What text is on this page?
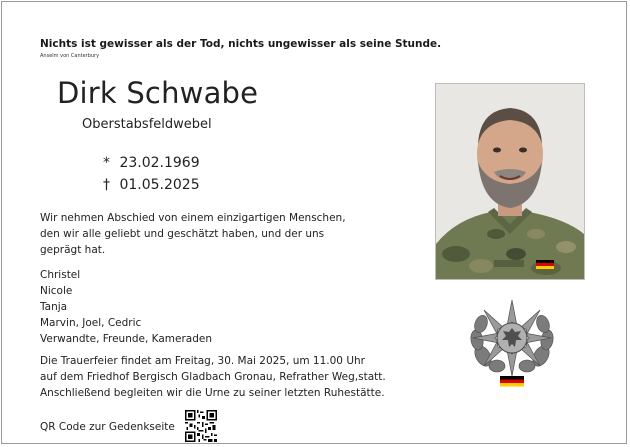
Nichts ist gewisser als der Tod, nichts ungewisser als seine Stunde.
Anselm von Canterbury
Dirk Schwabe
Oberstabsfeldwebel
* 23.02.1969
† 01.05.2025
Wir nehmen Abschied von einem einzigartigen Menschen,
den wir alle geliebt und geschätzt haben, und der uns
geprägt hat.
Christel
Nicole
Tanja
Marvin, Joel, Cedric
Verwandte, Freunde, Kameraden
Die Trauerfeier findet am Freitag, 30. Mai 2025, um 11.00 Uhr
auf dem Friedhof Bergisch Gladbach Gronau, Refrather Weg,statt.
Anschließend begleiten wir die Urne zu seiner letzten Ruhestätte.
QR Code zur Gedenkseite
